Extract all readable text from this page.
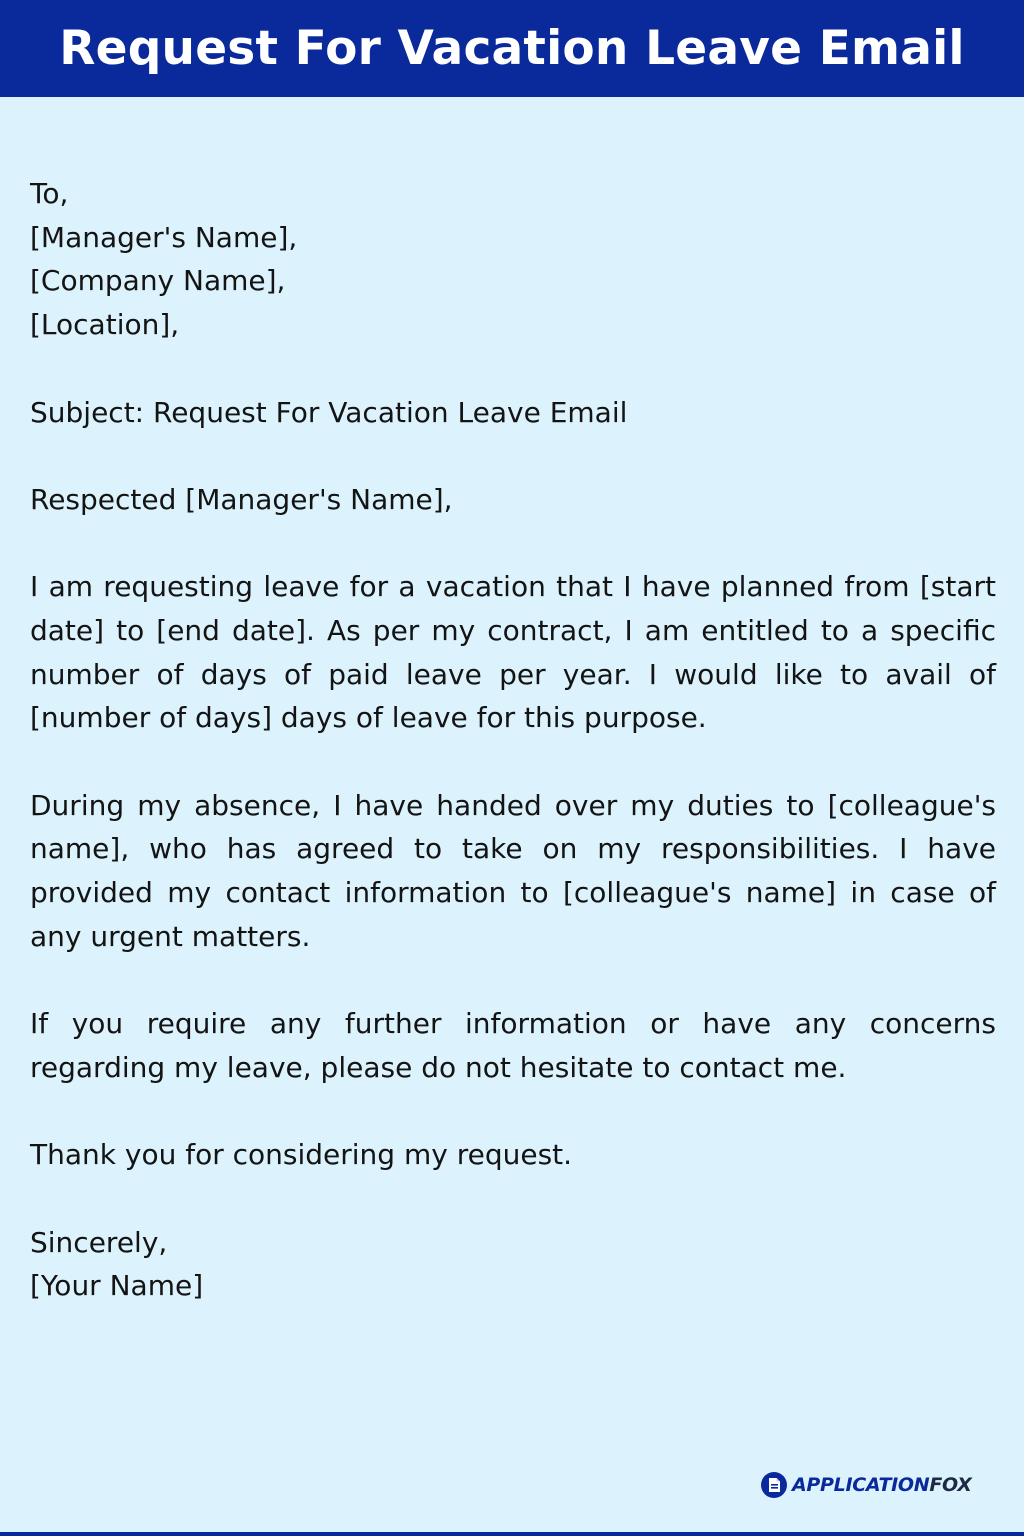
Request For Vacation Leave Email
To,
[Manager's Name],
[Company Name],
[Location],
Subject: Request For Vacation Leave Email
Respected [Manager's Name],
I am requesting leave for a vacation that I have planned from [start date] to [end date]. As per my contract, I am entitled to a specific number of days of paid leave per year. I would like to avail of [number of days] days of leave for this purpose.
During my absence, I have handed over my duties to [colleague's name], who has agreed to take on my responsibilities. I have provided my contact information to [colleague's name] in case of any urgent matters.
If you require any further information or have any concerns regarding my leave, please do not hesitate to contact me.
Thank you for considering my request.
Sincerely,
[Your Name]
APPLICATIONFOX
